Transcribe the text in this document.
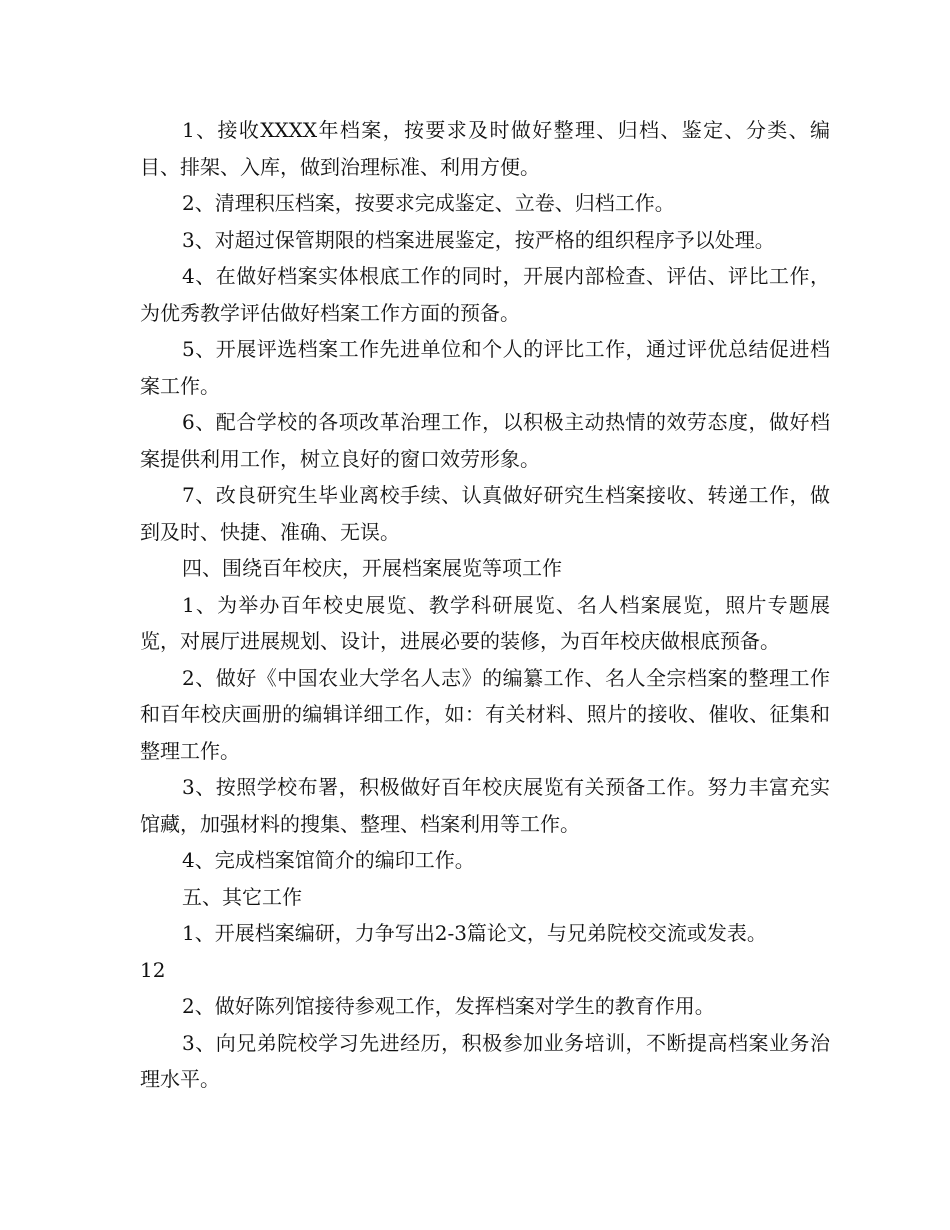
1、接收XXXX年档案，按要求及时做好整理、归档、鉴定、分类、编目、排架、入库，做到治理标准、利用方便。

2、清理积压档案，按要求完成鉴定、立卷、归档工作。

3、对超过保管期限的档案进展鉴定，按严格的组织程序予以处理。

4、在做好档案实体根底工作的同时，开展内部检查、评估、评比工作，为优秀教学评估做好档案工作方面的预备。

5、开展评选档案工作先进单位和个人的评比工作，通过评优总结促进档案工作。

6、配合学校的各项改革治理工作，以积极主动热情的效劳态度，做好档案提供利用工作，树立良好的窗口效劳形象。

7、改良研究生毕业离校手续、认真做好研究生档案接收、转递工作，做到及时、快捷、准确、无误。

四、围绕百年校庆，开展档案展览等项工作

1、为举办百年校史展览、教学科研展览、名人档案展览，照片专题展览，对展厅进展规划、设计，进展必要的装修，为百年校庆做根底预备。

2、做好《中国农业大学名人志》的编纂工作、名人全宗档案的整理工作和百年校庆画册的编辑详细工作，如：有关材料、照片的接收、催收、征集和整理工作。

3、按照学校布署，积极做好百年校庆展览有关预备工作。努力丰富充实馆藏，加强材料的搜集、整理、档案利用等工作。

4、完成档案馆简介的编印工作。

五、其它工作

1、开展档案编研，力争写出2-3篇论文，与兄弟院校交流或发表。

12

2、做好陈列馆接待参观工作，发挥档案对学生的教育作用。

3、向兄弟院校学习先进经历，积极参加业务培训，不断提高档案业务治理水平。
